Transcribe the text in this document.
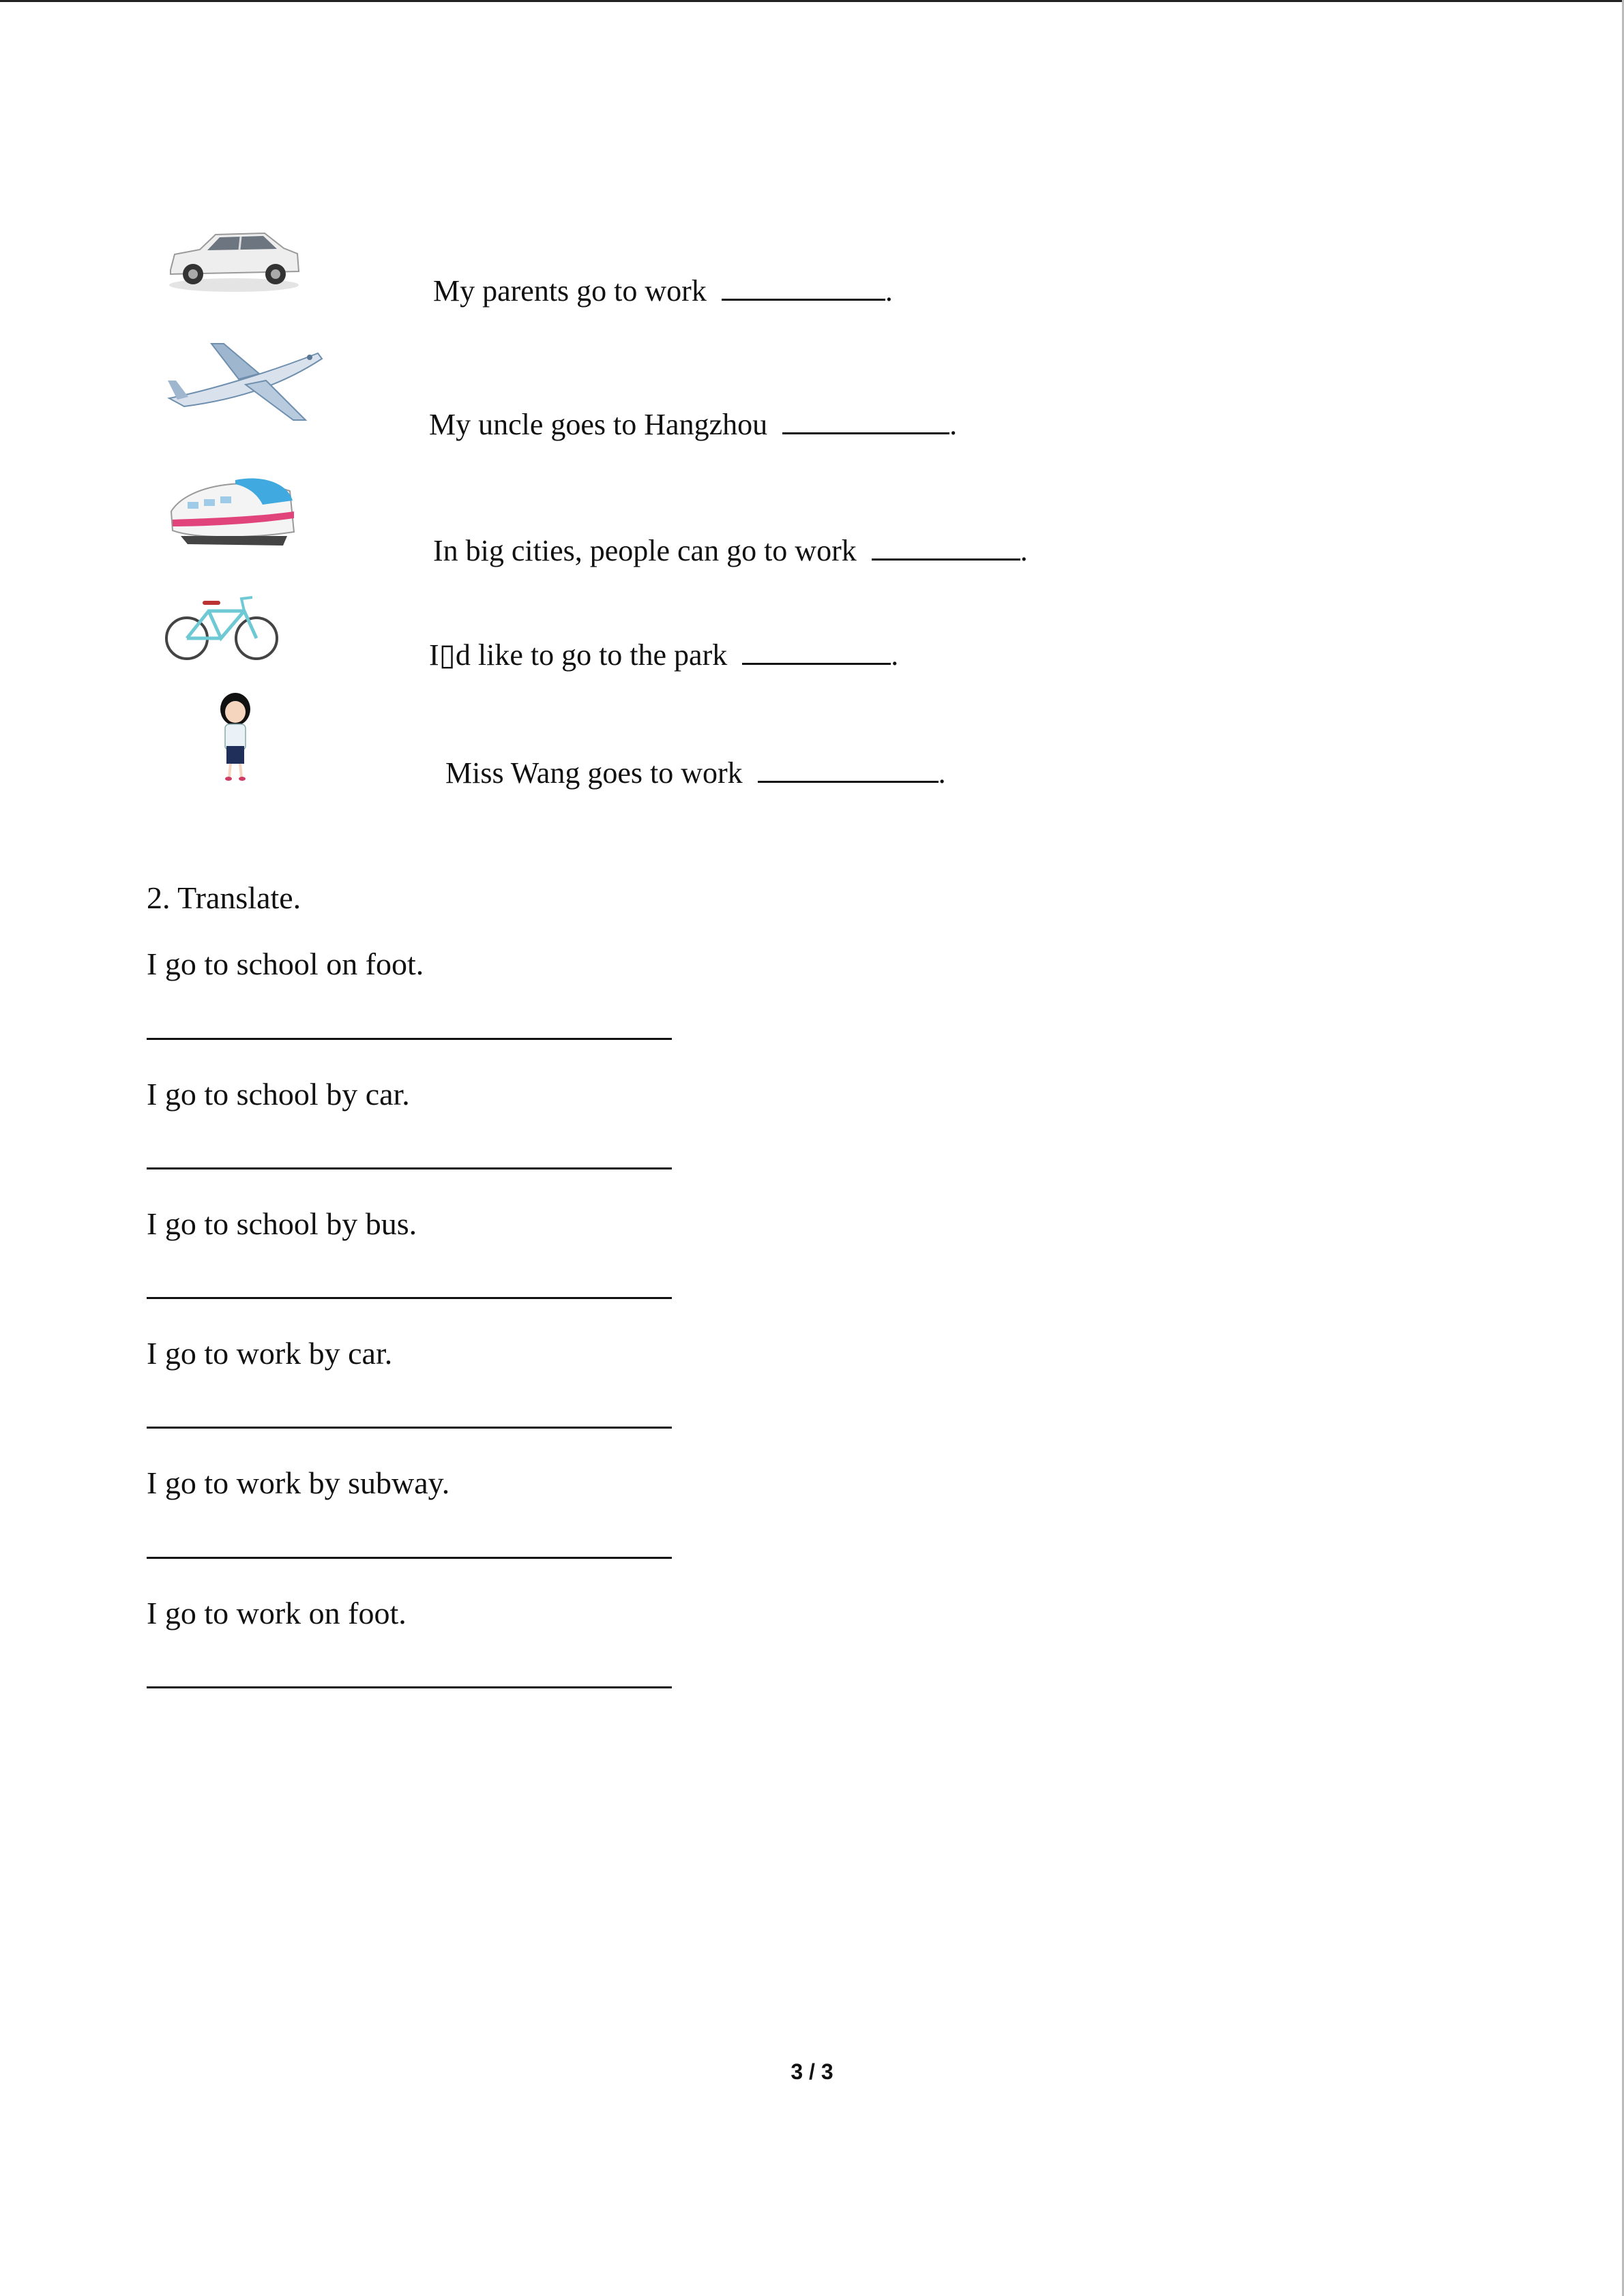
My parents go to work	.
My uncle goes to Hangzhou	.
In big cities, people can go to work	.
I▯d like to go to the park	.
Miss Wang goes to work	.
2. Translate.
I go to school on foot.
I go to school by car.
I go to school by bus.
I go to work by car.
I go to work by subway.
I go to work on foot.
3 / 3
